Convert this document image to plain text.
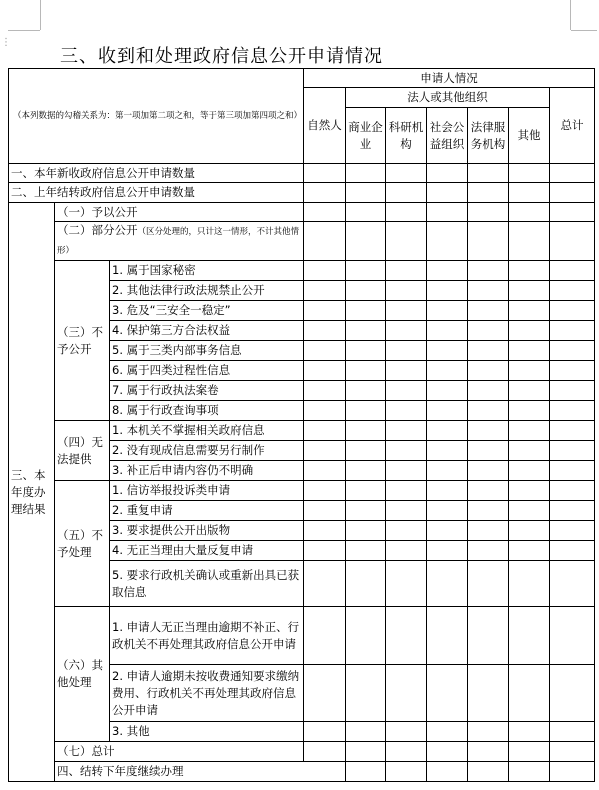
⋮
三、收到和处理政府信息公开申请情况
（本列数据的勾稽关系为：第一项加第二项之和，等于第三项加第四项之和）			申请人情况							
			自然人	法人或其他组织					总计	
				商业企业	科研机构	社会公益组织	法律服务机构	其他		
一、本年新收政府信息公开申请数量										
二、上年结转政府信息公开申请数量										
三、本年度办理结果	（一）予以公开									
	（二）部分公开（区分处理的，只计这一情形，不计其他情形）									
	（三）不予公开	1. 属于国家秘密								
		2. 其他法律行政法规禁止公开								
		3. 危及“三安全一稳定”								
		4. 保护第三方合法权益								
		5. 属于三类内部事务信息								
		6. 属于四类过程性信息								
		7. 属于行政执法案卷								
		8. 属于行政查询事项								
	（四）无法提供	1. 本机关不掌握相关政府信息								
		2. 没有现成信息需要另行制作								
		3. 补正后申请内容仍不明确								
	（五）不予处理	1. 信访举报投诉类申请								
		2. 重复申请								
		3. 要求提供公开出版物								
		4. 无正当理由大量反复申请								
		5. 要求行政机关确认或重新出具已获取信息								
	（六）其他处理	1. 申请人无正当理由逾期不补正、行政机关不再处理其政府信息公开申请								
		2. 申请人逾期未按收费通知要求缴纳费用、行政机关不再处理其政府信息公开申请								
		3. 其他								
	（七）总计									
	四、结转下年度继续办理									
